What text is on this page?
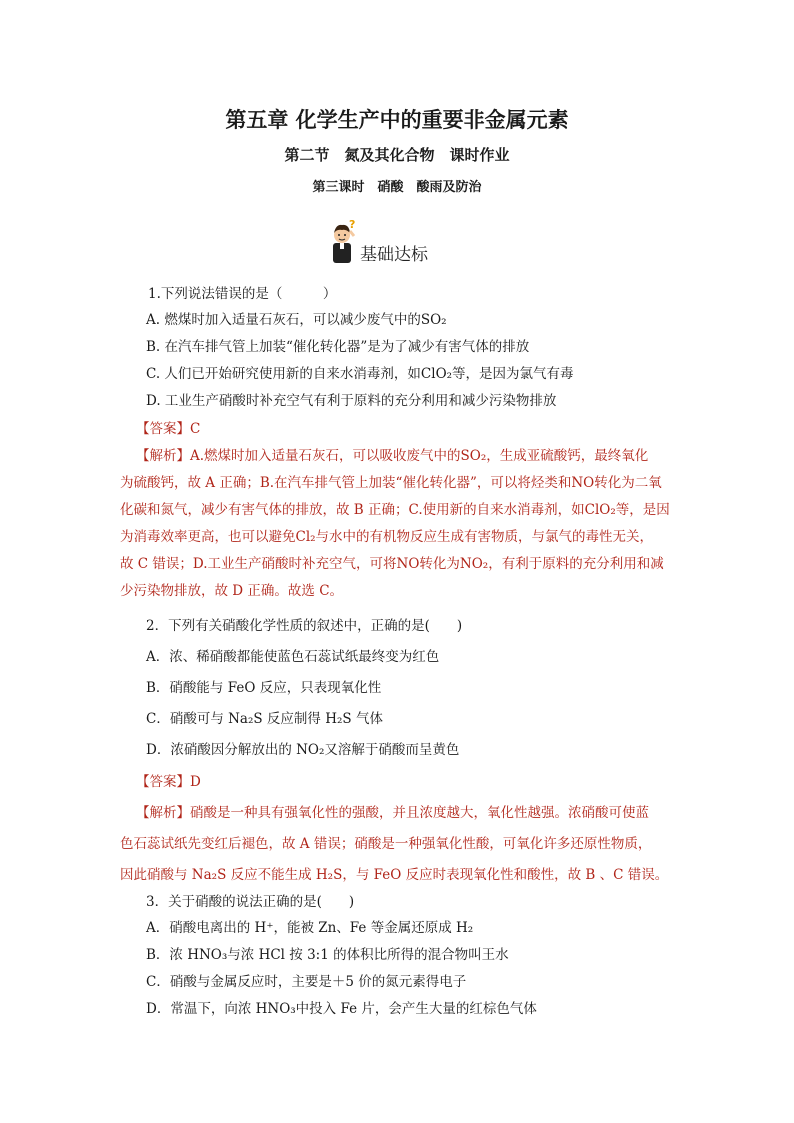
第五章 化学生产中的重要非金属元素
第二节　氮及其化合物　课时作业
第三课时　硝酸　酸雨及防治
?
基础达标
1.下列说法错误的是（　　　）
A. 燃煤时加入适量石灰石，可以减少废气中的SO₂
B. 在汽车排气管上加装“催化转化器”是为了减少有害气体的排放
C. 人们已开始研究使用新的自来水消毒剂，如ClO₂等，是因为氯气有毒
D. 工业生产硝酸时补充空气有利于原料的充分利用和减少污染物排放
【答案】C
【解析】A.燃煤时加入适量石灰石，可以吸收废气中的SO₂，生成亚硫酸钙，最终氧化
为硫酸钙，故 A 正确；B.在汽车排气管上加装“催化转化器”，可以将烃类和NO转化为二氧
化碳和氮气，减少有害气体的排放，故 B 正确；C.使用新的自来水消毒剂，如ClO₂等，是因
为消毒效率更高，也可以避免Cl₂与水中的有机物反应生成有害物质，与氯气的毒性无关，
故 C 错误；D.工业生产硝酸时补充空气，可将NO转化为NO₂，有利于原料的充分利用和减
少污染物排放，故 D 正确。故选 C。
2．下列有关硝酸化学性质的叙述中，正确的是(　　)
A．浓、稀硝酸都能使蓝色石蕊试纸最终变为红色
B．硝酸能与 FeO 反应，只表现氧化性
C．硝酸可与 Na₂S 反应制得 H₂S 气体
D．浓硝酸因分解放出的 NO₂又溶解于硝酸而呈黄色
【答案】D
【解析】硝酸是一种具有强氧化性的强酸，并且浓度越大，氧化性越强。浓硝酸可使蓝
色石蕊试纸先变红后褪色，故 A 错误；硝酸是一种强氧化性酸，可氧化许多还原性物质，
因此硝酸与 Na₂S 反应不能生成 H₂S，与 FeO 反应时表现氧化性和酸性，故 B 、C 错误。
3．关于硝酸的说法正确的是(　　)
A．硝酸电离出的 H⁺，能被 Zn、Fe 等金属还原成 H₂
B．浓 HNO₃与浓 HCl 按 3:1 的体积比所得的混合物叫王水
C．硝酸与金属反应时，主要是＋5 价的氮元素得电子
D．常温下，向浓 HNO₃中投入 Fe 片，会产生大量的红棕色气体
